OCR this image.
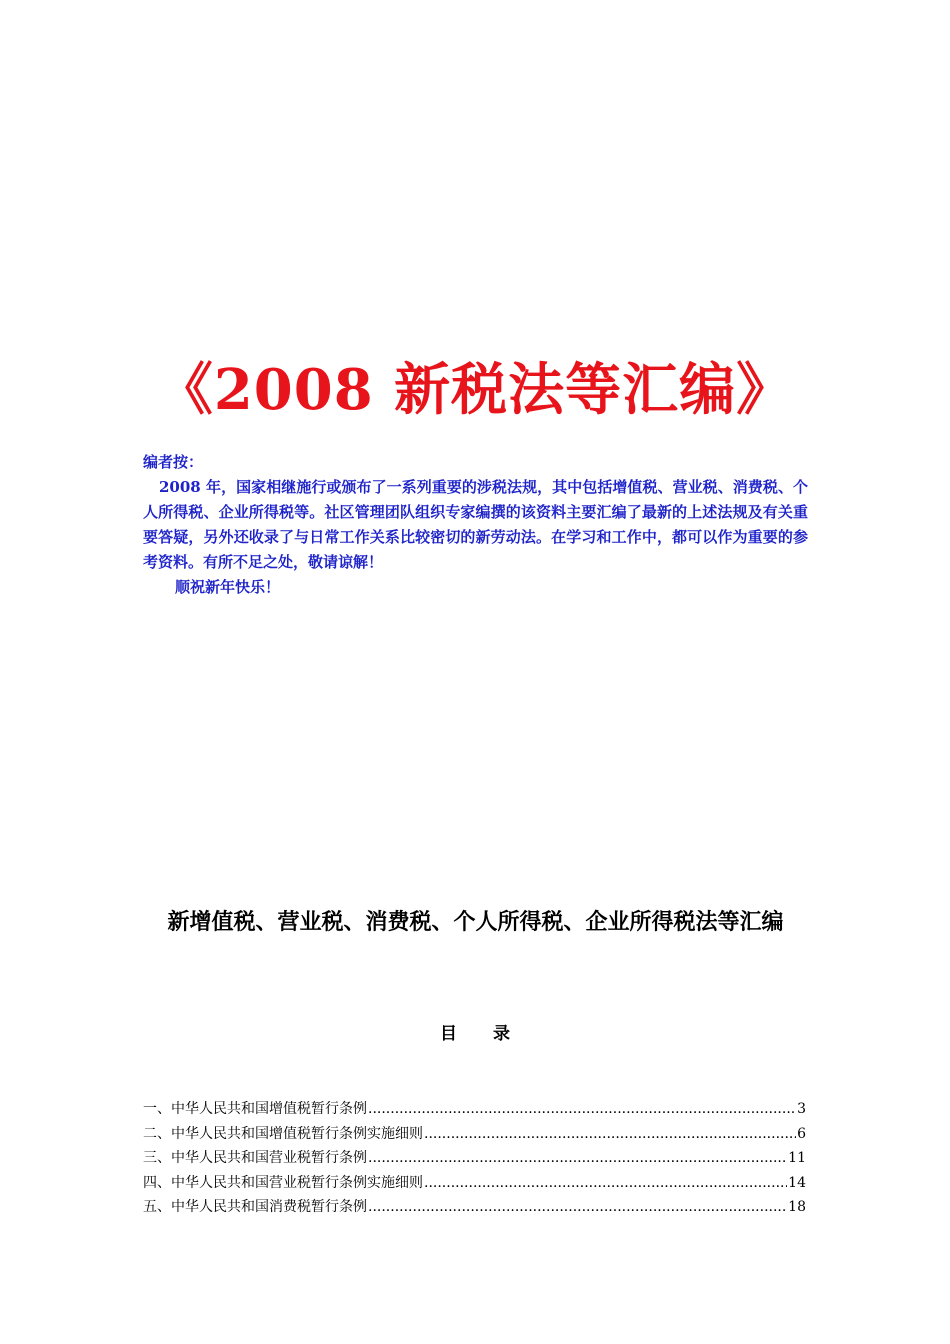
《2008 新税法等汇编》

编者按：

2008 年，国家相继施行或颁布了一系列重要的涉税法规，其中包括增值税、营业税、消费税、个人所得税、企业所得税等。社区管理团队组织专家编撰的该资料主要汇编了最新的上述法规及有关重要答疑，另外还收录了与日常工作关系比较密切的新劳动法。在学习和工作中，都可以作为重要的参考资料。有所不足之处，敬请谅解！

顺祝新年快乐！

新增值税、营业税、消费税、个人所得税、企业所得税法等汇编
目录
一、中华人民共和国增值税暂行条例 .....	3
二、中华人民共和国增值税暂行条例实施细则 .....	6
三、中华人民共和国营业税暂行条例 .....	11
四、中华人民共和国营业税暂行条例实施细则 .....	14
五、中华人民共和国消费税暂行条例 .....	18
